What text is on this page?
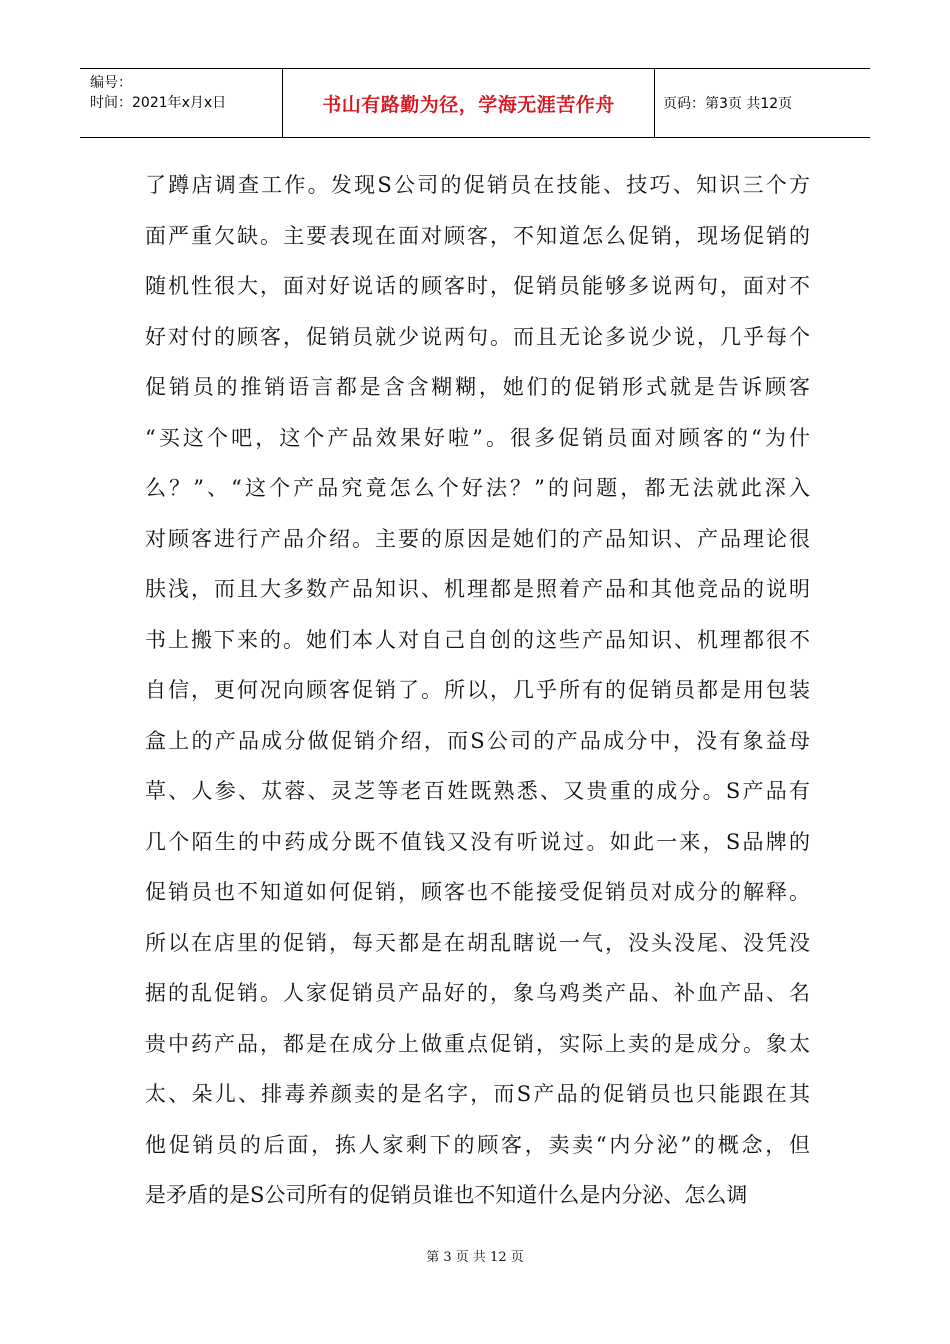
编号：
时间：2021年x月x日	书山有路勤为径，学海无涯苦作舟	页码：第3页 共12页
了蹲店调查工作。发现S公司的促销员在技能、技巧、知识三个方
面严重欠缺。主要表现在面对顾客，不知道怎么促销，现场促销的
随机性很大，面对好说话的顾客时，促销员能够多说两句，面对不
好对付的顾客，促销员就少说两句。而且无论多说少说，几乎每个
促销员的推销语言都是含含糊糊，她们的促销形式就是告诉顾客
“买这个吧，这个产品效果好啦”。很多促销员面对顾客的“为什
么？”、“这个产品究竟怎么个好法？”的问题，都无法就此深入
对顾客进行产品介绍。主要的原因是她们的产品知识、产品理论很
肤浅，而且大多数产品知识、机理都是照着产品和其他竞品的说明
书上搬下来的。她们本人对自己自创的这些产品知识、机理都很不
自信，更何况向顾客促销了。所以，几乎所有的促销员都是用包装
盒上的产品成分做促销介绍，而S公司的产品成分中，没有象益母
草、人参、苁蓉、灵芝等老百姓既熟悉、又贵重的成分。S产品有
几个陌生的中药成分既不值钱又没有听说过。如此一来，S品牌的
促销员也不知道如何促销，顾客也不能接受促销员对成分的解释。
所以在店里的促销，每天都是在胡乱瞎说一气，没头没尾、没凭没
据的乱促销。人家促销员产品好的，象乌鸡类产品、补血产品、名
贵中药产品，都是在成分上做重点促销，实际上卖的是成分。象太
太、朵儿、排毒养颜卖的是名字，而S产品的促销员也只能跟在其
他促销员的后面，拣人家剩下的顾客，卖卖“内分泌”的概念，但
是矛盾的是S公司所有的促销员谁也不知道什么是内分泌、怎么调
第 3 页 共 12 页
